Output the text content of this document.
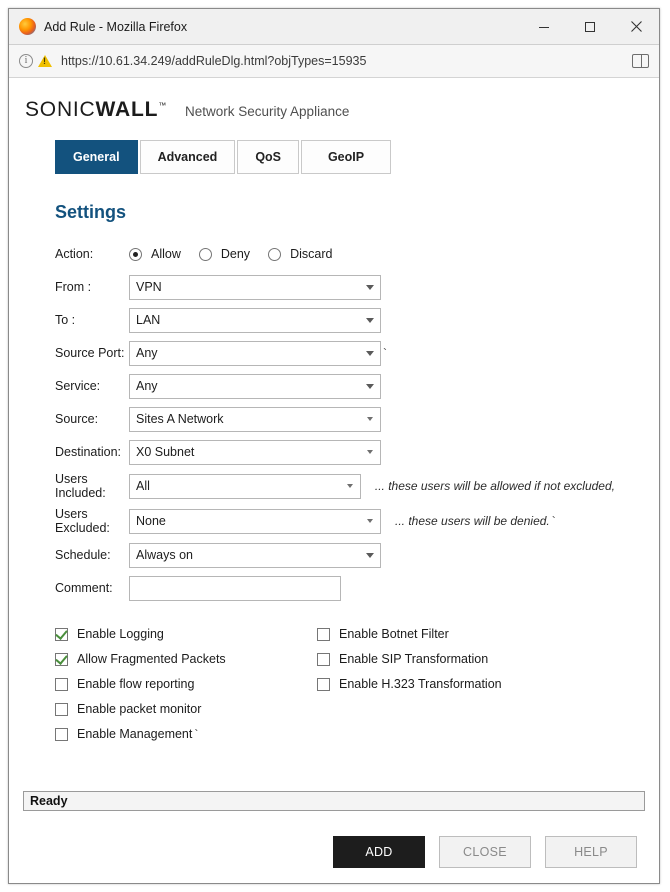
Add Rule - Mozilla Firefox
i !	https://10.61.34.249/addRuleDlg.html?objTypes=15935
SONICWALL™ Network Security Appliance
General	Advanced	QoS	GeoIP
Settings
Action:	Allow	Deny	Discard
From :
VPN
To :
LAN
Source Port:
Any	`
Service:
Any
Source:
Sites A Network
Destination:
X0 Subnet
Users Included:
All	... these users will be allowed if not excluded,
Users Excluded:
None	... these users will be denied. `
Schedule:
Always on
Comment:
Enable Logging
Allow Fragmented Packets
Enable flow reporting
Enable packet monitor
Enable Management `
Enable Botnet Filter
Enable SIP Transformation
Enable H.323 Transformation
Ready
ADD	CLOSE	HELP
